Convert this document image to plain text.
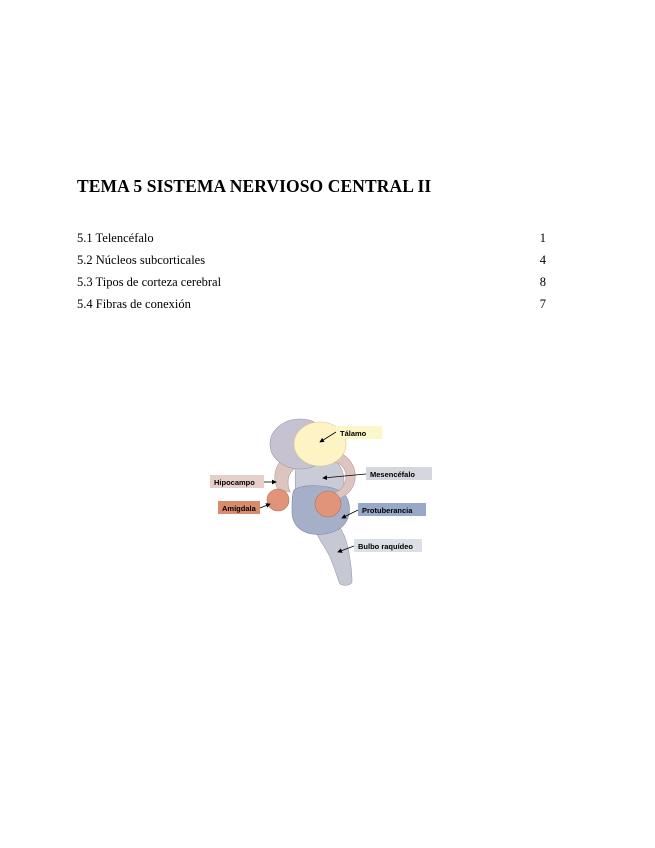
TEMA 5 SISTEMA NERVIOSO CENTRAL II
5.1 Telencéfalo	1
5.2 Núcleos subcorticales	4
5.3 Tipos de corteza cerebral	8
5.4 Fibras de conexión	7
Tálamo
Mesencéfalo
Hipocampo
Amígdala	Protuberancia
Bulbo raquídeo
